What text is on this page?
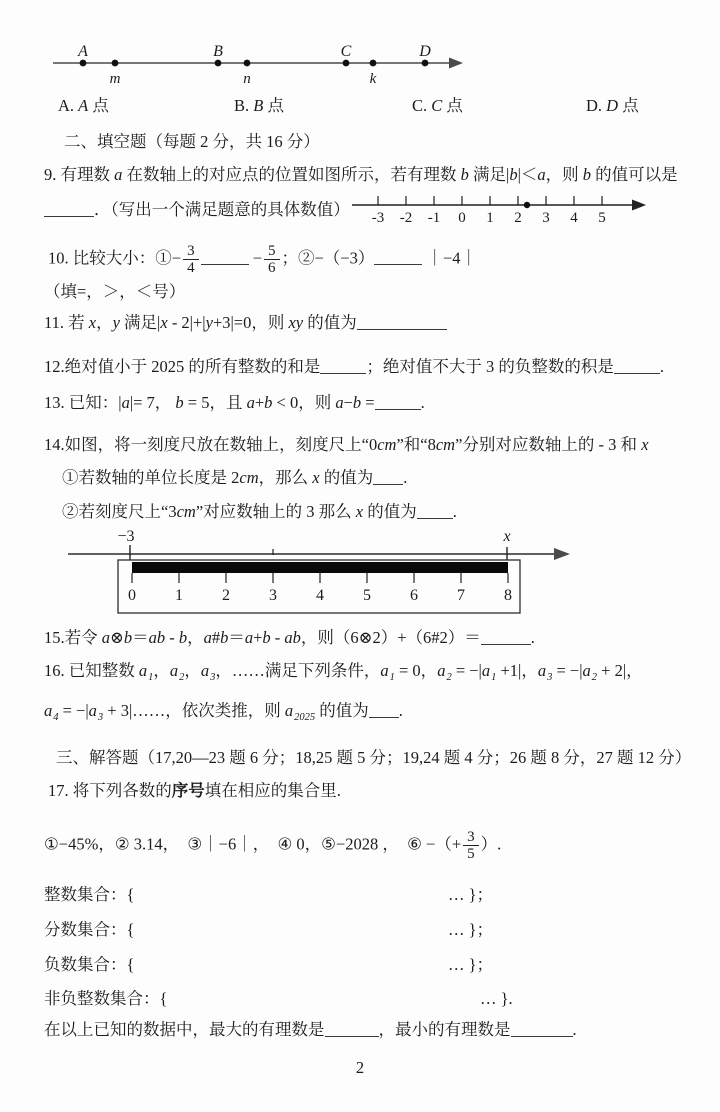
A	B	C	D
m	n	k
A. A 点	B. B 点	C. C 点	D. D 点
二、填空题（每题 2 分，共 16 分）
9. 有理数 a 在数轴上的对应点的位置如图所示，若有理数 b 满足|b|＜a，则 b 的值可以是
．（写出一个满足题意的具体数值） -3 -2 -1 0 1 2 3 4 5
10. 比较大小：①− $\frac{3}{4}$	− $\frac{5}{6}$ ；②−（−3）	｜−4｜
（填=，＞，＜号）
11. 若 x，y 满足|x - 2|+|y+3|=0，则 xy 的值为
12.绝对值小于 2025 的所有整数的和是	；绝对值不大于 3 的负整数的积是	.
13. 已知：|a|= 7， b = 5，且 a+b < 0，则 a−b =	.
14.如图，将一刻度尺放在数轴上，刻度尺上“0cm”和“8cm”分别对应数轴上的 - 3 和 x
①若数轴的单位长度是 2cm，那么 x 的值为 .
②若刻度尺上“3cm”对应数轴上的 3 那么 x 的值为 .
−3	x
0 1 2 3 4 5 6 7 8
15.若令 a⊗b＝ab - b，a#b＝a+b - ab，则（6⊗2）+（6#2）＝	.
16. 已知整数 $a_1$，$a_2$，$a_3$，……满足下列条件，$a_1 = 0$，$a_2 = -|a_1 +1|$，$a_3 = -|a_2 + 2|$，
$a_4 = -|a_3$ + 3|……，依次类推，则 $a_{2025}$ 的值为 .
三、解答题（17,20—23 题 6 分；18,25 题 5 分；19,24 题 4 分；26 题 8 分，27 题 12 分）
17. 将下列各数的序号填在相应的集合里.
①−45%，② 3.14，　③｜−6｜，　④ 0，⑤−2028 ，　⑥ −（+ $\frac{3}{5}$ ）.
整数集合：{	… }；
分数集合：{	… }；
负数集合：{	… }；
非负整数集合：{	… }.
在以上已知的数据中，最大的有理数是	，最小的有理数是	.
2
